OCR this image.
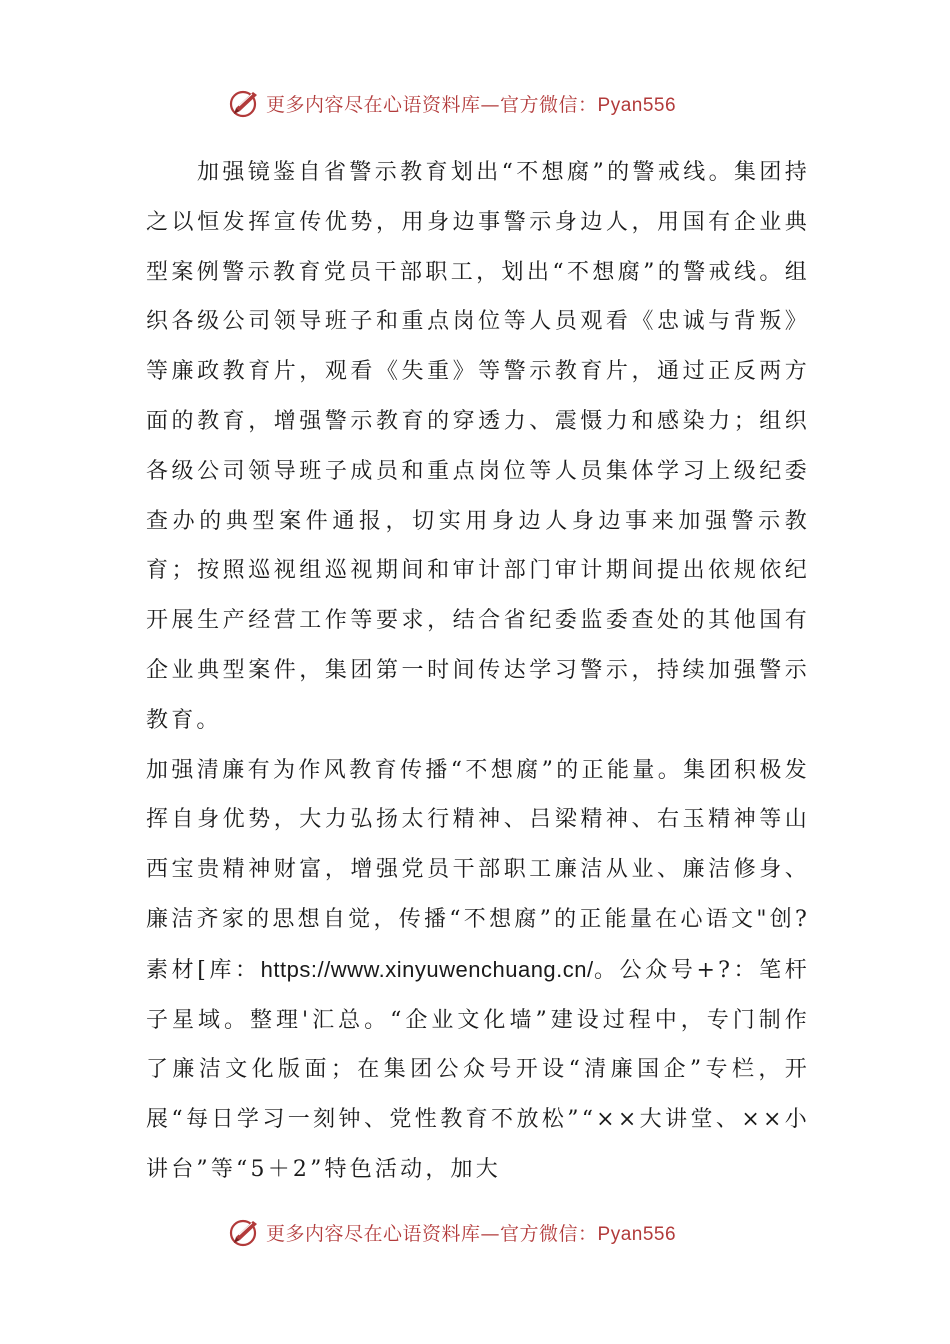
更多内容尽在心语资料库—官方微信：Pyan556

加强镜鉴自省警示教育划出“不想腐”的警戒线。集团持之以恒发挥宣传优势，用身边事警示身边人，用国有企业典型案例警示教育党员干部职工，划出“不想腐”的警戒线。组织各级公司领导班子和重点岗位等人员观看《忠诚与背叛》等廉政教育片，观看《失重》等警示教育片，通过正反两方面的教育，增强警示教育的穿透力、震慑力和感染力；组织各级公司领导班子成员和重点岗位等人员集体学习上级纪委查办的典型案件通报，切实用身边人身边事来加强警示教育；按照巡视组巡视期间和审计部门审计期间提出依规依纪开展生产经营工作等要求，结合省纪委监委查处的其他国有企业典型案件，集团第一时间传达学习警示，持续加强警示教育。

加强清廉有为作风教育传播“不想腐”的正能量。集团积极发挥自身优势，大力弘扬太行精神、吕梁精神、右玉精神等山西宝贵精神财富，增强党员干部职工廉洁从业、廉洁修身、廉洁齐家的思想自觉，传播“不想腐”的正能量在心语文"创?素材[库：https://www.xinyuwenchuang.cn/。公众号+?：笔杆子星域。整理'汇总。“企业文化墙”建设过程中，专门制作了廉洁文化版面；在集团公众号开设“清廉国企”专栏，开展“每日学习一刻钟、党性教育不放松”“××大讲堂、××小讲台”等“5＋2”特色活动，加大

更多内容尽在心语资料库—官方微信：Pyan556
